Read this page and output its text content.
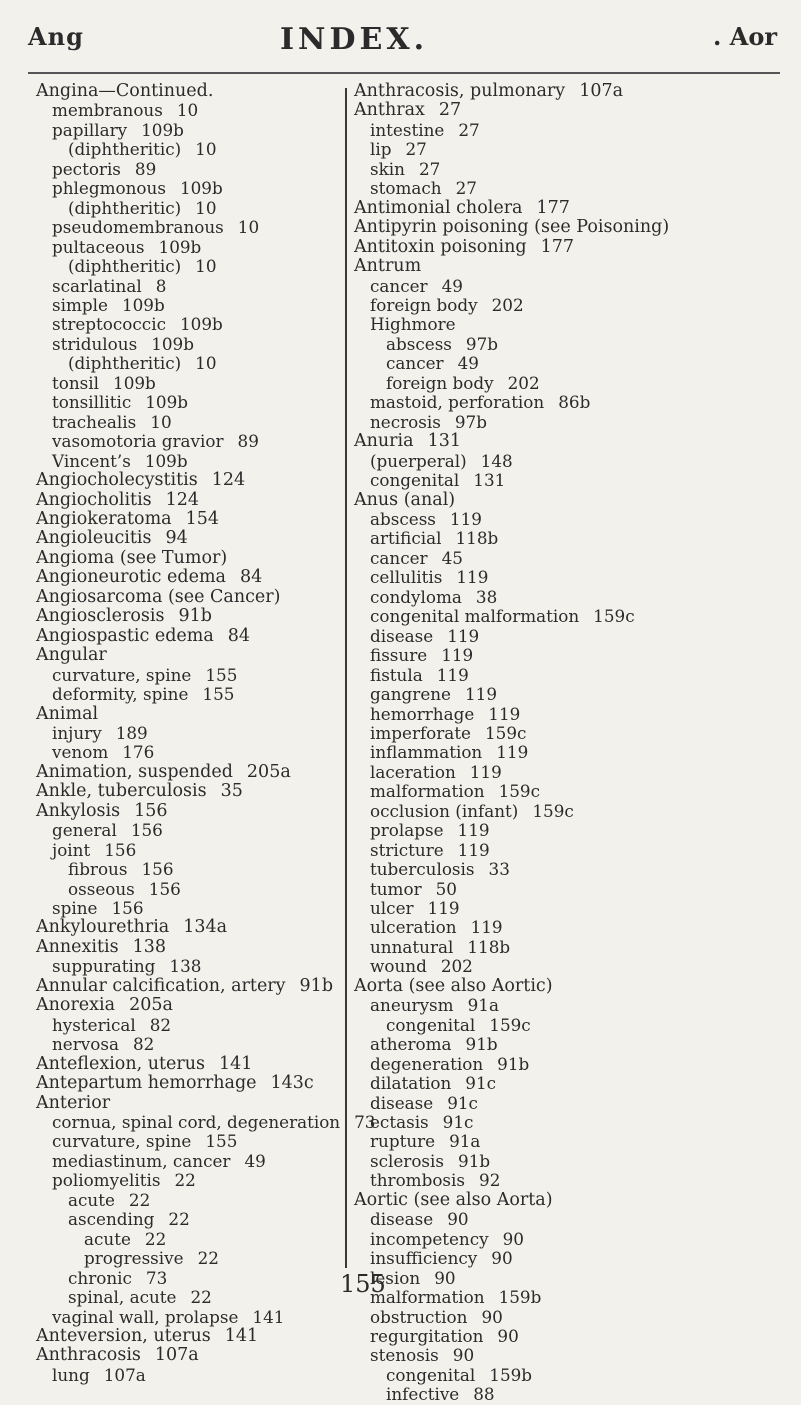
Ang	INDEX.	. Aor
Angina—Continued.
membranous 10
papillary 109b
(diphtheritic) 10
pectoris 89
phlegmonous 109b
(diphtheritic) 10
pseudomembranous 10
pultaceous 109b
(diphtheritic) 10
scarlatinal 8
simple 109b
streptococcic 109b
stridulous 109b
(diphtheritic) 10
tonsil 109b
tonsillitic 109b
trachealis 10
vasomotoria gravior 89
Vincent’s 109b
Angiocholecystitis 124
Angiocholitis 124
Angiokeratoma 154
Angioleucitis 94
Angioma (see Tumor)
Angioneurotic edema 84
Angiosarcoma (see Cancer)
Angiosclerosis 91b
Angiospastic edema 84
Angular
curvature, spine 155
deformity, spine 155
Animal
injury 189
venom 176
Animation, suspended 205a
Ankle, tuberculosis 35
Ankylosis 156
general 156
joint 156
fibrous 156
osseous 156
spine 156
Ankylourethria 134a
Annexitis 138
suppurating 138
Annular calcification, artery 91b
Anorexia 205a
hysterical 82
nervosa 82
Anteflexion, uterus 141
Antepartum hemorrhage 143c
Anterior
cornua, spinal cord, degeneration 73
curvature, spine 155
mediastinum, cancer 49
poliomyelitis 22
acute 22
ascending 22
acute 22
progressive 22
chronic 73
spinal, acute 22
vaginal wall, prolapse 141
Anteversion, uterus 141
Anthracosis 107a
lung 107a
Anthracosis, pulmonary 107a
Anthrax 27
intestine 27
lip 27
skin 27
stomach 27
Antimonial cholera 177
Antipyrin poisoning (see Poisoning)
Antitoxin poisoning 177
Antrum
cancer 49
foreign body 202
Highmore
abscess 97b
cancer 49
foreign body 202
mastoid, perforation 86b
necrosis 97b
Anuria 131
(puerperal) 148
congenital 131
Anus (anal)
abscess 119
artificial 118b
cancer 45
cellulitis 119
condyloma 38
congenital malformation 159c
disease 119
fissure 119
fistula 119
gangrene 119
hemorrhage 119
imperforate 159c
inflammation 119
laceration 119
malformation 159c
occlusion (infant) 159c
prolapse 119
stricture 119
tuberculosis 33
tumor 50
ulcer 119
ulceration 119
unnatural 118b
wound 202
Aorta (see also Aortic)
aneurysm 91a
congenital 159c
atheroma 91b
degeneration 91b
dilatation 91c
disease 91c
ectasis 91c
rupture 91a
sclerosis 91b
thrombosis 92
Aortic (see also Aorta)
disease 90
incompetency 90
insufficiency 90
lesion 90
malformation 159b
obstruction 90
regurgitation 90
stenosis 90
congenital 159b
infective 88
155
